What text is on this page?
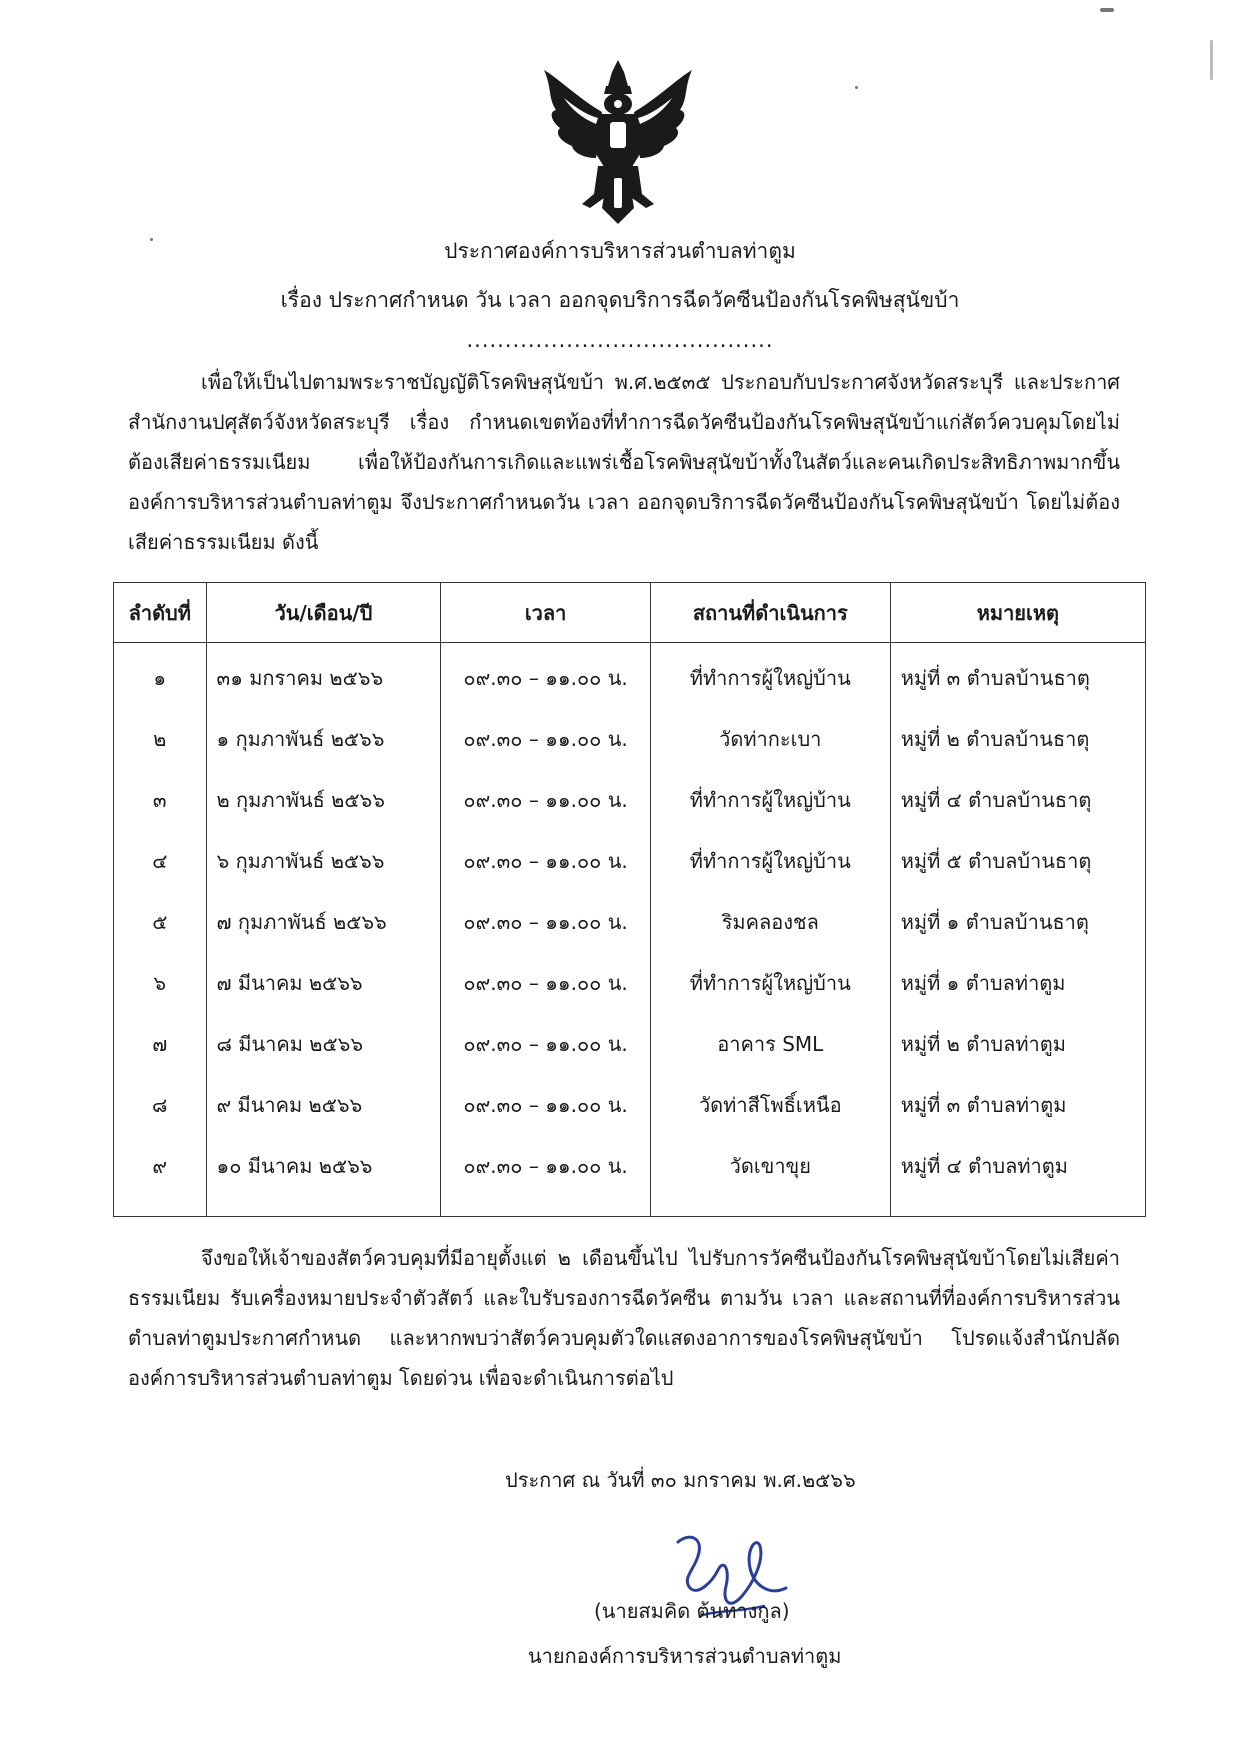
ประกาศองค์การบริหารส่วนตำบลท่าตูม
เรื่อง ประกาศกำหนด วัน เวลา ออกจุดบริการฉีดวัคซีนป้องกันโรคพิษสุนัขบ้า
........................................
เพื่อให้เป็นไปตามพระราชบัญญัติโรคพิษสุนัขบ้า พ.ศ.๒๕๓๕ ประกอบกับประกาศจังหวัดสระบุรี และประกาศสำนักงานปศุสัตว์จังหวัดสระบุรี เรื่อง กำหนดเขตท้องที่ทำการฉีดวัคซีนป้องกันโรคพิษสุนัขบ้าแก่สัตว์ควบคุมโดยไม่ต้องเสียค่าธรรมเนียม เพื่อให้ป้องกันการเกิดและแพร่เชื้อโรคพิษสุนัขบ้าทั้งในสัตว์และคนเกิดประสิทธิภาพมากขึ้น องค์การบริหารส่วนตำบลท่าตูม จึงประกาศกำหนดวัน เวลา ออกจุดบริการฉีดวัคซีนป้องกันโรคพิษสุนัขบ้า โดยไม่ต้องเสียค่าธรรมเนียม ดังนี้
ลำดับที่	วัน/เดือน/ปี	เวลา	สถานที่ดำเนินการ	หมายเหตุ
๑	๓๑ มกราคม ๒๕๖๖	๐๙.๓๐ – ๑๑.๐๐ น.	ที่ทำการผู้ใหญ่บ้าน	หมู่ที่ ๓ ตำบลบ้านธาตุ
๒	๑ กุมภาพันธ์ ๒๕๖๖	๐๙.๓๐ – ๑๑.๐๐ น.	วัดท่ากะเบา	หมู่ที่ ๒ ตำบลบ้านธาตุ
๓	๒ กุมภาพันธ์ ๒๕๖๖	๐๙.๓๐ – ๑๑.๐๐ น.	ที่ทำการผู้ใหญ่บ้าน	หมู่ที่ ๔ ตำบลบ้านธาตุ
๔	๖ กุมภาพันธ์ ๒๕๖๖	๐๙.๓๐ – ๑๑.๐๐ น.	ที่ทำการผู้ใหญ่บ้าน	หมู่ที่ ๕ ตำบลบ้านธาตุ
๕	๗ กุมภาพันธ์ ๒๕๖๖	๐๙.๓๐ – ๑๑.๐๐ น.	ริมคลองชล	หมู่ที่ ๑ ตำบลบ้านธาตุ
๖	๗ มีนาคม ๒๕๖๖	๐๙.๓๐ – ๑๑.๐๐ น.	ที่ทำการผู้ใหญ่บ้าน	หมู่ที่ ๑ ตำบลท่าตูม
๗	๘ มีนาคม ๒๕๖๖	๐๙.๓๐ – ๑๑.๐๐ น.	อาคาร SML	หมู่ที่ ๒ ตำบลท่าตูม
๘	๙ มีนาคม ๒๕๖๖	๐๙.๓๐ – ๑๑.๐๐ น.	วัดท่าสีโพธิ์เหนือ	หมู่ที่ ๓ ตำบลท่าตูม
๙	๑๐ มีนาคม ๒๕๖๖	๐๙.๓๐ – ๑๑.๐๐ น.	วัดเขาขุย	หมู่ที่ ๔ ตำบลท่าตูม

จึงขอให้เจ้าของสัตว์ควบคุมที่มีอายุตั้งแต่ ๒ เดือนขึ้นไป ไปรับการวัคซีนป้องกันโรคพิษสุนัขบ้าโดยไม่เสียค่าธรรมเนียม รับเครื่องหมายประจำตัวสัตว์ และใบรับรองการฉีดวัคซีน ตามวัน เวลา และสถานที่ที่องค์การบริหารส่วนตำบลท่าตูมประกาศกำหนด และหากพบว่าสัตว์ควบคุมตัวใดแสดงอาการของโรคพิษสุนัขบ้า โปรดแจ้งสำนักปลัดองค์การบริหารส่วนตำบลท่าตูม โดยด่วน เพื่อจะดำเนินการต่อไป
ประกาศ ณ วันที่ ๓๐ มกราคม พ.ศ.๒๕๖๖
(นายสมคิด ต้นทางกูล)
นายกองค์การบริหารส่วนตำบลท่าตูม
